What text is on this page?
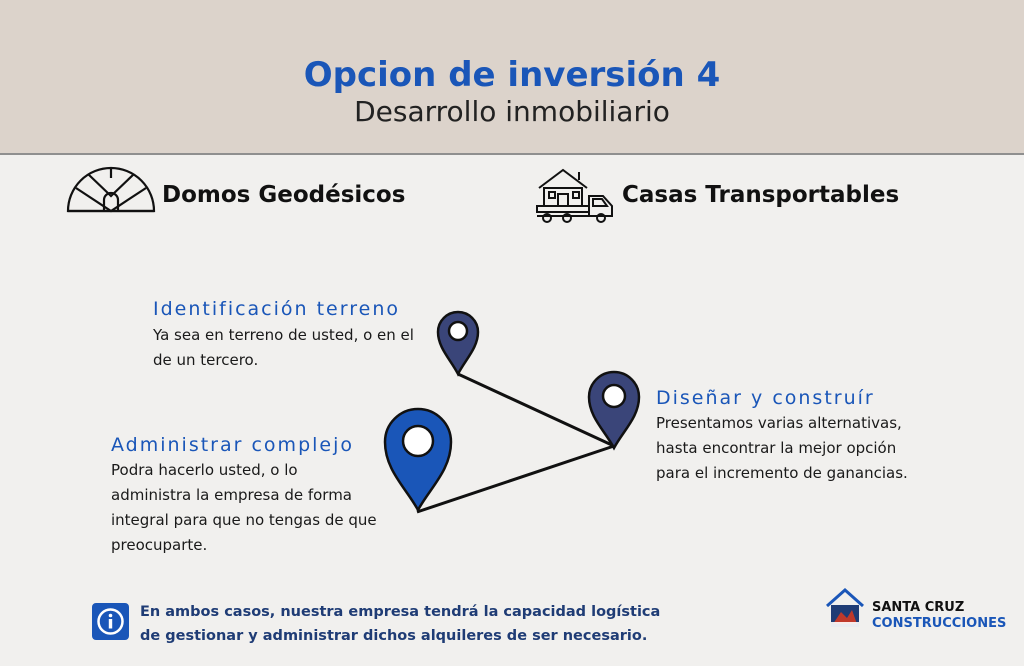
Opcion de inversión 4
Desarrollo inmobiliario
Domos Geodésicos	Casas Transportables
Identificación terreno
Ya sea en terreno de usted, o en el
de un tercero.
Diseñar y construír
Presentamos varias alternativas,
hasta encontrar la mejor opción
para el incremento de ganancias.
Administrar complejo
Podra hacerlo usted, o lo
administra la empresa de forma
integral para que no tengas de que
preocuparte.
En ambos casos, nuestra empresa tendrá la capacidad logística
de gestionar y administrar dichos alquileres de ser necesario.
SANTA CRUZ
CONSTRUCCIONES
